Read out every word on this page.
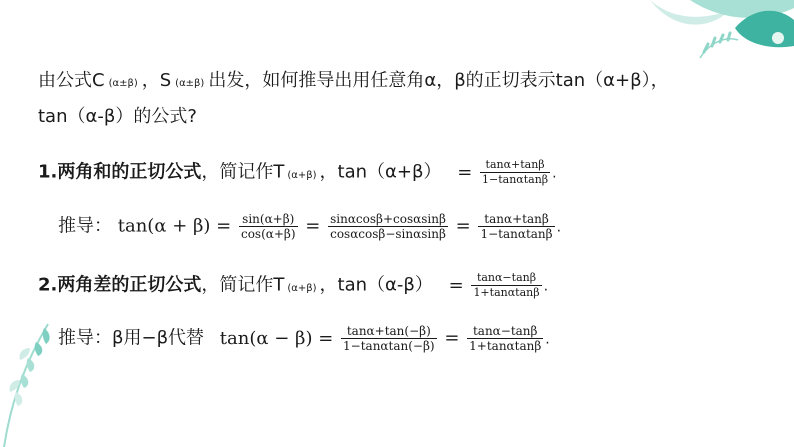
由公式C (α±β) ，S (α±β) 出发，如何推导出用任意角α，β的正切表示tan（α+β），
tan（α-β）的公式?
1.两角和的正切公式，简记作T (α+β) ，$\tan(\alpha+\beta) = \frac{\tan\alpha+\tan\beta}{1-\tan\alpha\tan\beta}$ .
推导： $\tan(\alpha + \beta) = \frac{\sin(\alpha+\beta)}{\cos(\alpha+\beta)} = \frac{\sin\alpha\cos\beta+\cos\alpha\sin\beta}{\cos\alpha\cos\beta-\sin\alpha\sin\beta} = \frac{\tan\alpha+\tan\beta}{1-\tan\alpha\tan\beta}$ .
2.两角差的正切公式，简记作T (α+β) ，$\tan(\alpha-\beta) = \frac{\tan\alpha-\tan\beta}{1+\tan\alpha\tan\beta}$ .
推导：β用−β代替 $\tan(\alpha - \beta) = \frac{\tan\alpha+\tan(-\beta)}{1-\tan\alpha\tan(-\beta)} = \frac{\tan\alpha-\tan\beta}{1+\tan\alpha\tan\beta}$ .
